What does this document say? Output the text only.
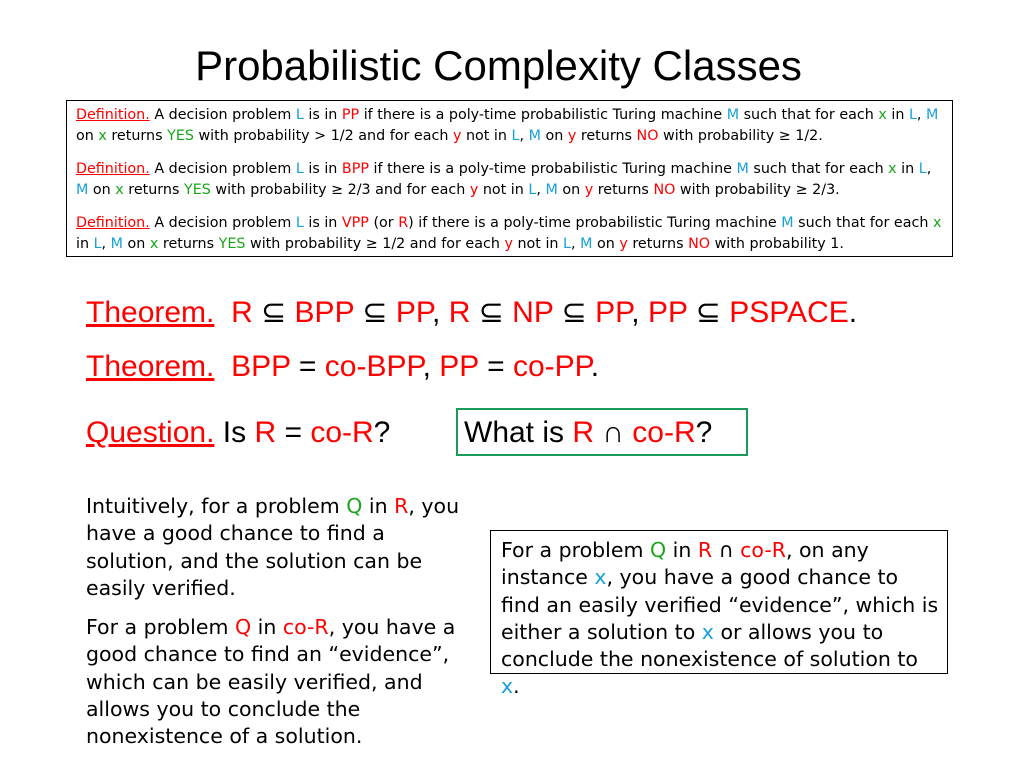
Probabilistic Complexity Classes

Definition. A decision problem L is in PP if there is a poly-time probabilistic Turing machine M such that for each x in L, M on x returns YES with probability > 1/2 and for each y not in L, M on y returns NO with probability ≥ 1/2.

Definition. A decision problem L is in BPP if there is a poly-time probabilistic Turing machine M such that for each x in L, M on x returns YES with probability ≥ 2/3 and for each y not in L, M on y returns NO with probability ≥ 2/3.

Definition. A decision problem L is in VPP (or R) if there is a poly-time probabilistic Turing machine M such that for each x in L, M on x returns YES with probability ≥ 1/2 and for each y not in L, M on y returns NO with probability 1.

Theorem. R ⊆ BPP ⊆ PP, R ⊆ NP ⊆ PP, PP ⊆ PSPACE.
Theorem. BPP = co-BPP, PP = co-PP.
Question. Is R = co-R? What is R ∩ co-R?

Intuitively, for a problem Q in R, you have a good chance to find a solution, and the solution can be easily verified.

For a problem Q in co-R, you have a good chance to find an “evidence”, which can be easily verified, and allows you to conclude the nonexistence of a solution.

For a problem Q in R ∩ co-R, on any instance x, you have a good chance to find an easily verified “evidence”, which is either a solution to x or allows you to conclude the nonexistence of solution to x.
